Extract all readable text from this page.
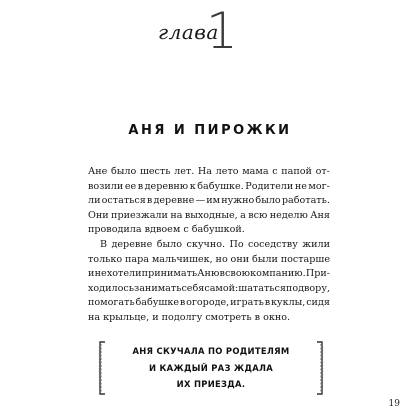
глава
1
АНЯ И ПИРОЖКИ
Ане было шесть лет. На лето мама с папой от-
возили ее в деревню к бабушке. Родители не мог-
ли остаться в деревне — им нужно было работать.
Они приезжали на выходные, а всю неделю Аня
проводила вдвоем с бабушкой.
В деревне было скучно. По соседству жили
только пара мальчишек, но они были постарше
и не хотели принимать Аню в свою компанию. При-
ходилось занимать себя самой: шататься по двору,
помогать бабушке в огороде, играть в куклы, сидя
на крыльце, и подолгу смотреть в окно.
АНЯ СКУЧАЛА ПО РОДИТЕЛЯМ
И КАЖДЫЙ РАЗ ЖДАЛА
ИХ ПРИЕЗДА.
19
